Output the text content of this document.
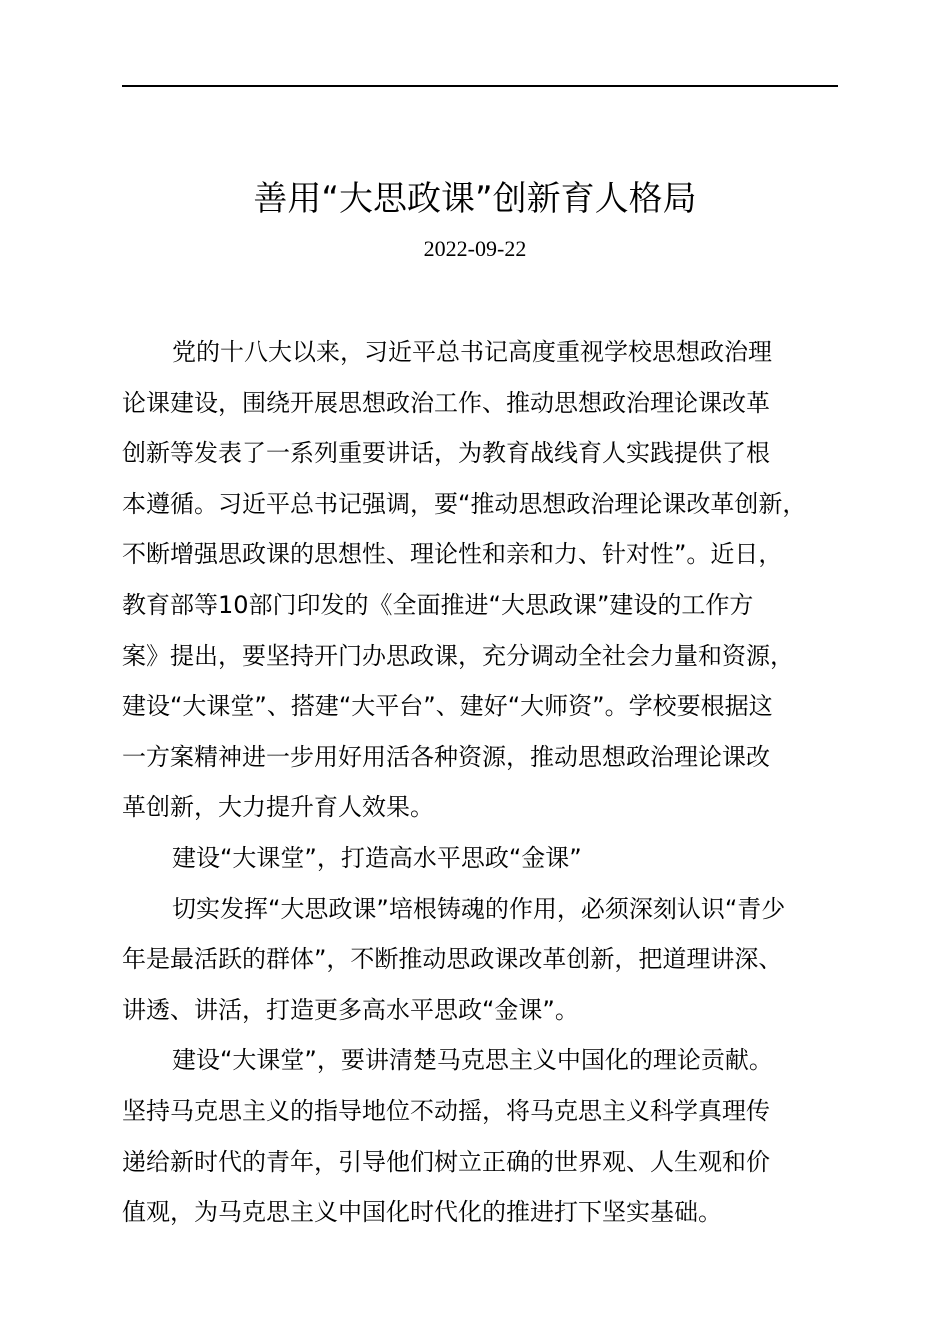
善用“大思政课”创新育人格局
2022-09-22
党的十八大以来，习近平总书记高度重视学校思想政治理
论课建设，围绕开展思想政治工作、推动思想政治理论课改革
创新等发表了一系列重要讲话，为教育战线育人实践提供了根
本遵循。习近平总书记强调，要“推动思想政治理论课改革创新，
不断增强思政课的思想性、理论性和亲和力、针对性”。近日，
教育部等10部门印发的《全面推进“大思政课”建设的工作方
案》提出，要坚持开门办思政课，充分调动全社会力量和资源，
建设“大课堂”、搭建“大平台”、建好“大师资”。学校要根据这
一方案精神进一步用好用活各种资源，推动思想政治理论课改
革创新，大力提升育人效果。
建设“大课堂”，打造高水平思政“金课”
切实发挥“大思政课”培根铸魂的作用，必须深刻认识“青少
年是最活跃的群体”，不断推动思政课改革创新，把道理讲深、
讲透、讲活，打造更多高水平思政“金课”。
建设“大课堂”，要讲清楚马克思主义中国化的理论贡献。
坚持马克思主义的指导地位不动摇，将马克思主义科学真理传
递给新时代的青年，引导他们树立正确的世界观、人生观和价
值观，为马克思主义中国化时代化的推进打下坚实基础。
